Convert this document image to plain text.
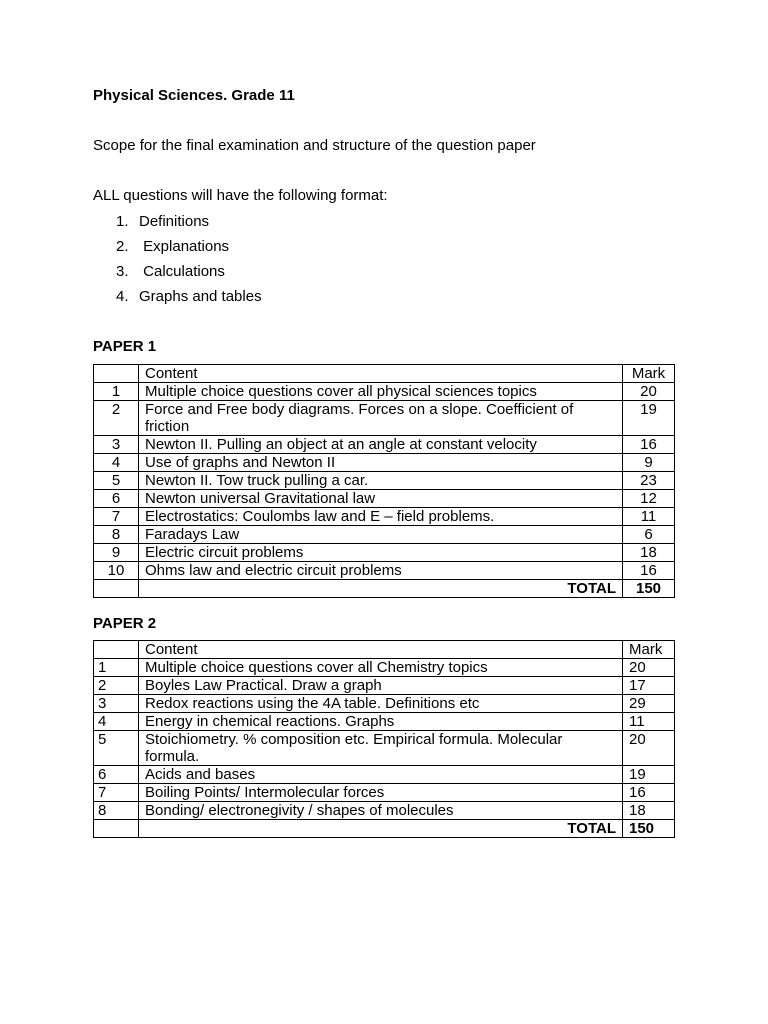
Physical Sciences. Grade 11
Scope for the final examination and structure of the question paper
ALL questions will have the following format:
1. Definitions
2. Explanations
3. Calculations
4. Graphs and tables
PAPER 1
	Content	Mark
1	Multiple choice questions cover all physical sciences topics	20
2	Force and Free body diagrams. Forces on a slope. Coefficient of friction	19
3	Newton II. Pulling an object at an angle at constant velocity	16
4	Use of graphs and Newton II	9
5	Newton II. Tow truck pulling a car.	23
6	Newton universal Gravitational law	12
7	Electrostatics: Coulombs law and E – field problems.	11
8	Faradays Law	6
9	Electric circuit problems	18
10	Ohms law and electric circuit problems	16
	TOTAL	150
PAPER 2
	Content	Mark
1	Multiple choice questions cover all Chemistry topics	20
2	Boyles Law Practical. Draw a graph	17
3	Redox reactions using the 4A table. Definitions etc	29
4	Energy in chemical reactions. Graphs	11
5	Stoichiometry. % composition etc. Empirical formula. Molecular formula.	20
6	Acids and bases	19
7	Boiling Points/ Intermolecular forces	16
8	Bonding/ electronegivity / shapes of molecules	18
	TOTAL	150
